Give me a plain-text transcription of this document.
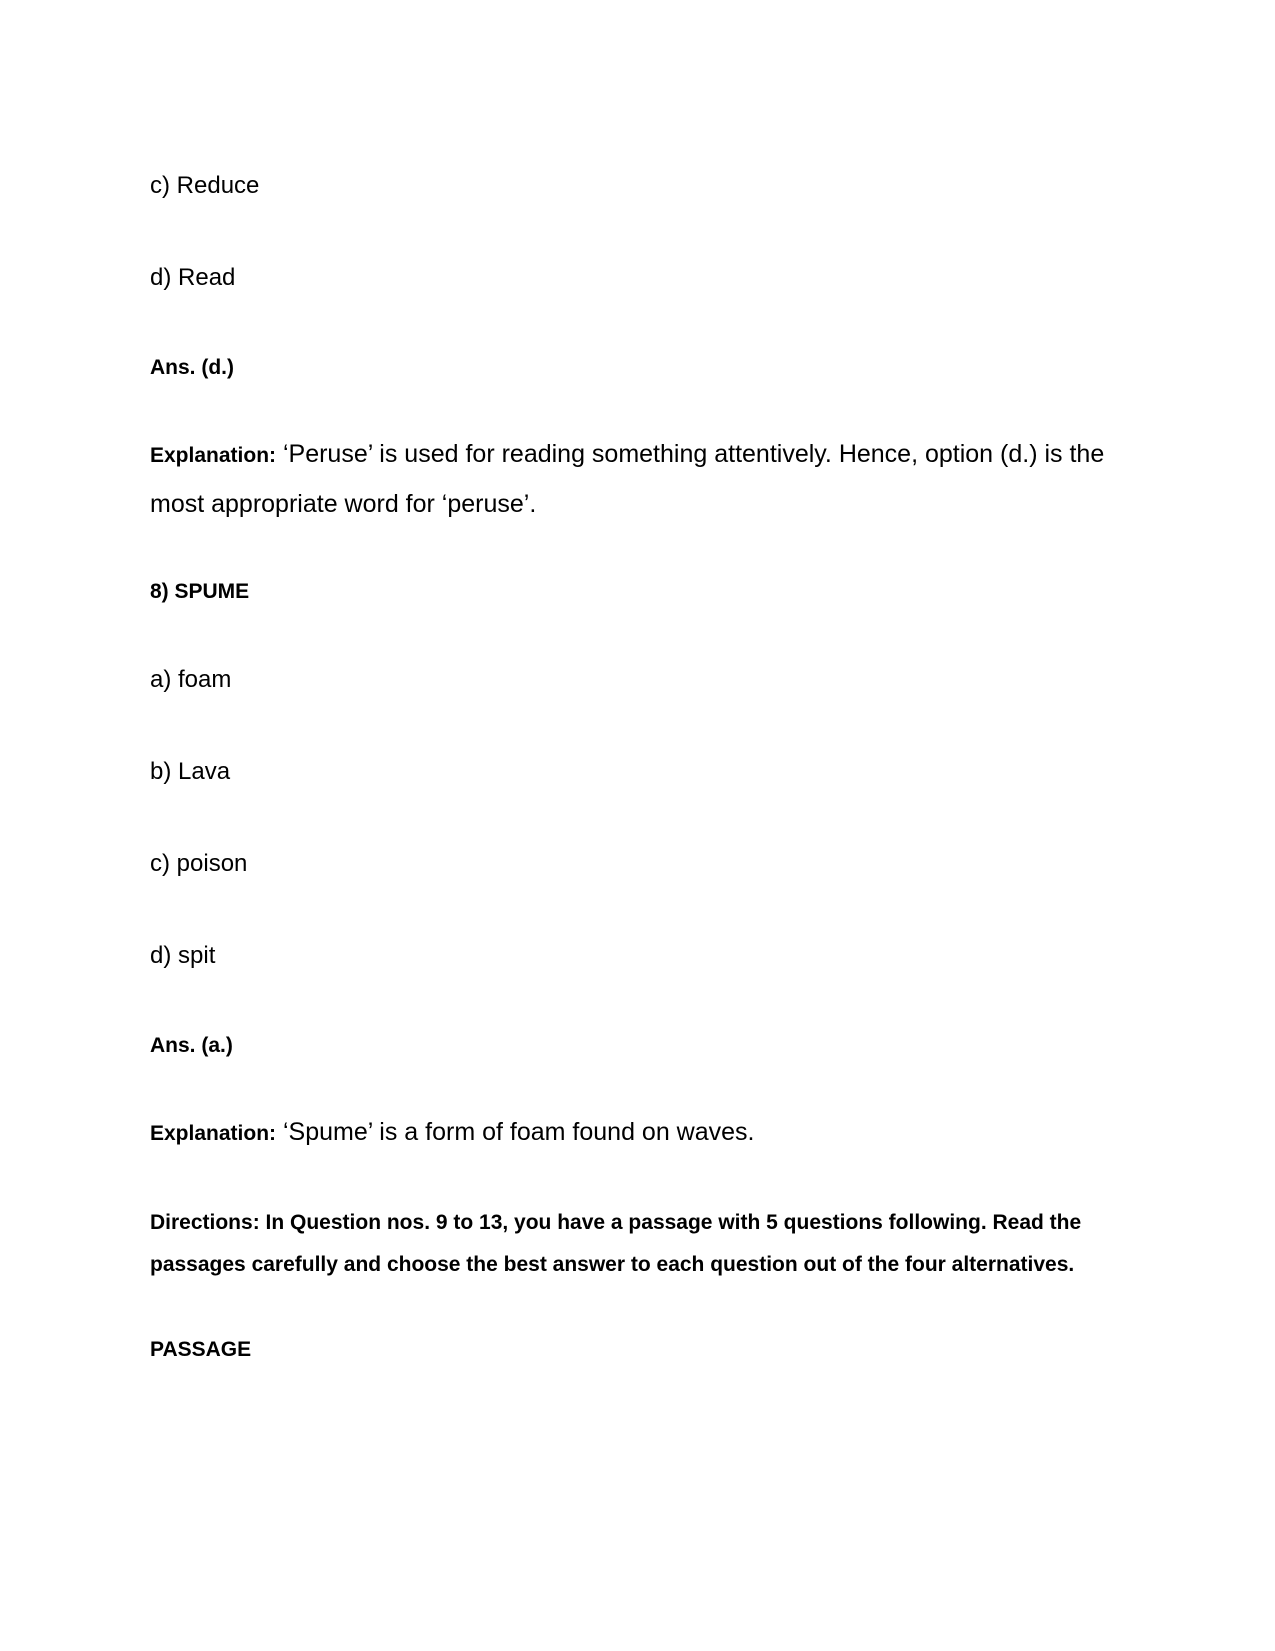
c) Reduce

d) Read

Ans. (d.)

Explanation: ‘Peruse’ is used for reading something attentively. Hence, option (d.) is the
most appropriate word for ‘peruse’.

8) SPUME

a) foam

b) Lava

c) poison

d) spit

Ans. (a.)

Explanation: ‘Spume’ is a form of foam found on waves.
Directions: In Question nos. 9 to 13, you have a passage with 5 questions following. Read the
passages carefully and choose the best answer to each question out of the four alternatives.

PASSAGE
